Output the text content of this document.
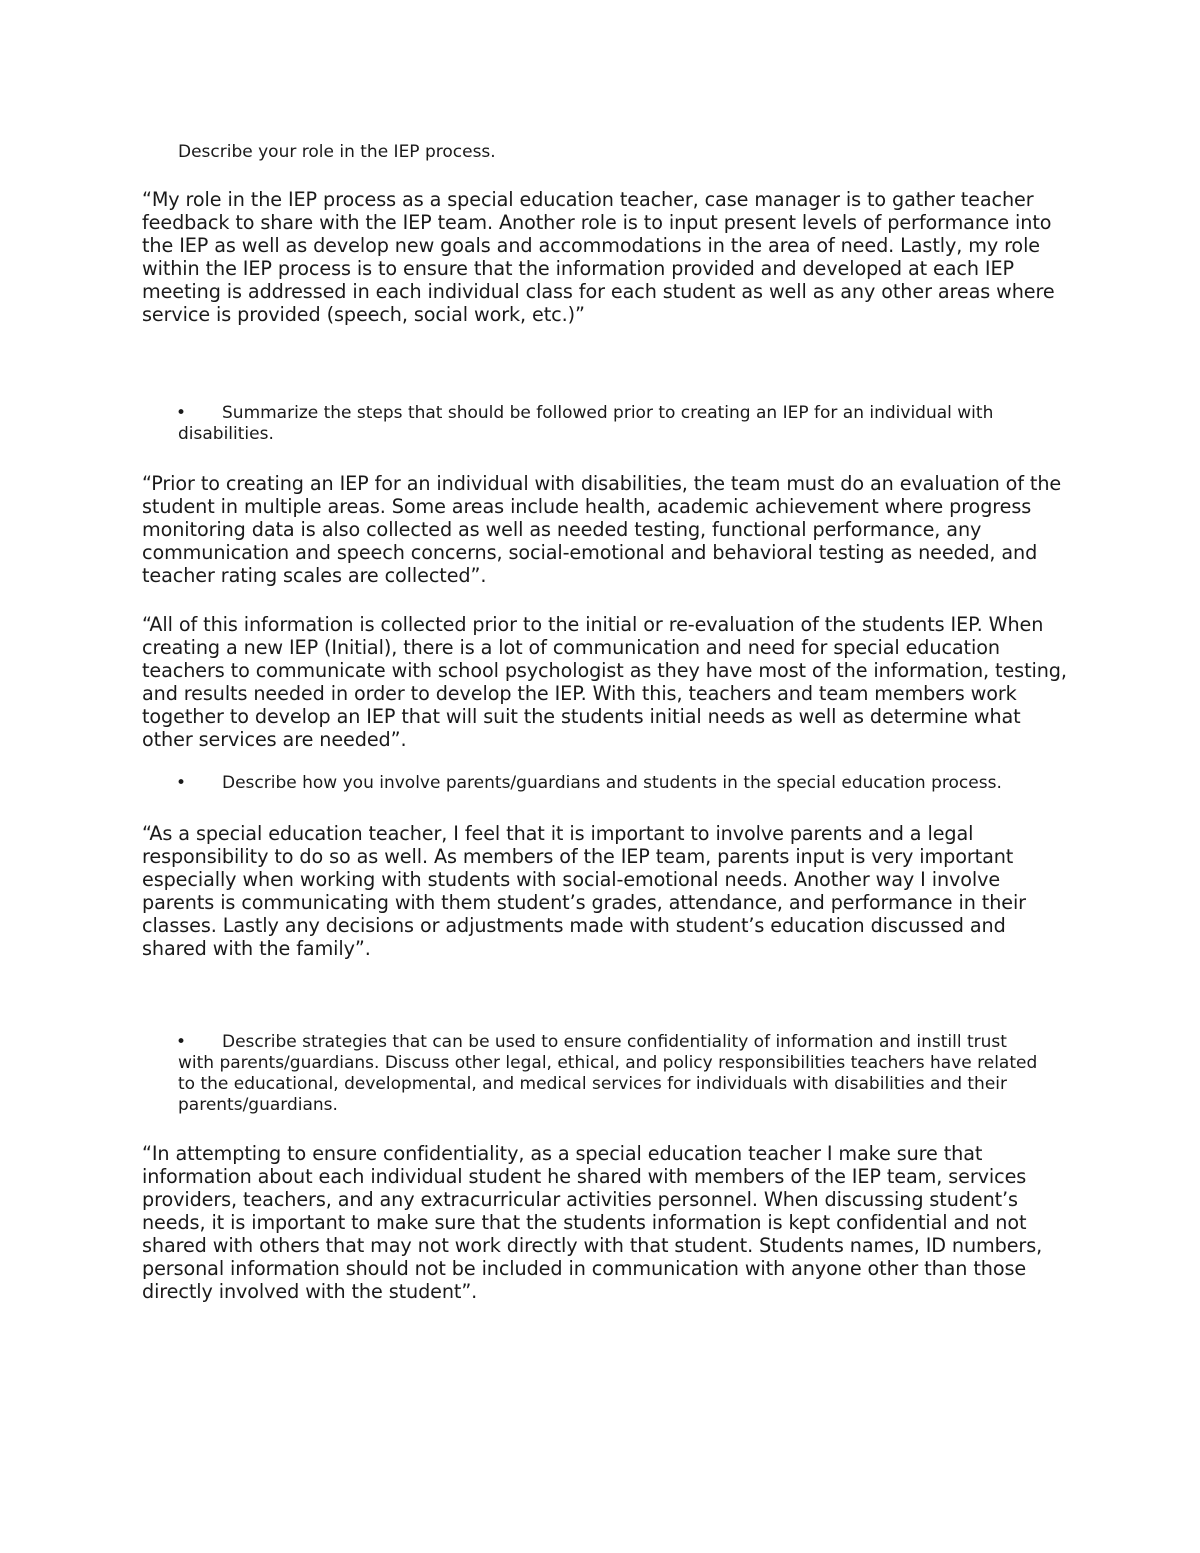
Describe your role in the IEP process.

“My role in the IEP process as a special education teacher, case manager is to gather teacher feedback to share with the IEP team. Another role is to input present levels of performance into the IEP as well as develop new goals and accommodations in the area of need. Lastly, my role within the IEP process is to ensure that the information provided and developed at each IEP meeting is addressed in each individual class for each student as well as any other areas where service is provided (speech, social work, etc.)”

•	Summarize the steps that should be followed prior to creating an IEP for an individual with disabilities.

“Prior to creating an IEP for an individual with disabilities, the team must do an evaluation of the student in multiple areas. Some areas include health, academic achievement where progress monitoring data is also collected as well as needed testing, functional performance, any communication and speech concerns, social-emotional and behavioral testing as needed, and teacher rating scales are collected”.

“All of this information is collected prior to the initial or re-evaluation of the students IEP. When creating a new IEP (Initial), there is a lot of communication and need for special education teachers to communicate with school psychologist as they have most of the information, testing, and results needed in order to develop the IEP. With this, teachers and team members work together to develop an IEP that will suit the students initial needs as well as determine what other services are needed”.

•	Describe how you involve parents/guardians and students in the special education process.

“As a special education teacher, I feel that it is important to involve parents and a legal responsibility to do so as well. As members of the IEP team, parents input is very important especially when working with students with social-emotional needs. Another way I involve parents is communicating with them student’s grades, attendance, and performance in their classes. Lastly any decisions or adjustments made with student’s education discussed and shared with the family”.

•	Describe strategies that can be used to ensure confidentiality of information and instill trust with parents/guardians. Discuss other legal, ethical, and policy responsibilities teachers have related to the educational, developmental, and medical services for individuals with disabilities and their parents/guardians.

“In attempting to ensure confidentiality, as a special education teacher I make sure that information about each individual student he shared with members of the IEP team, services providers, teachers, and any extracurricular activities personnel. When discussing student’s needs, it is important to make sure that the students information is kept confidential and not shared with others that may not work directly with that student. Students names, ID numbers, personal information should not be included in communication with anyone other than those directly involved with the student”.
